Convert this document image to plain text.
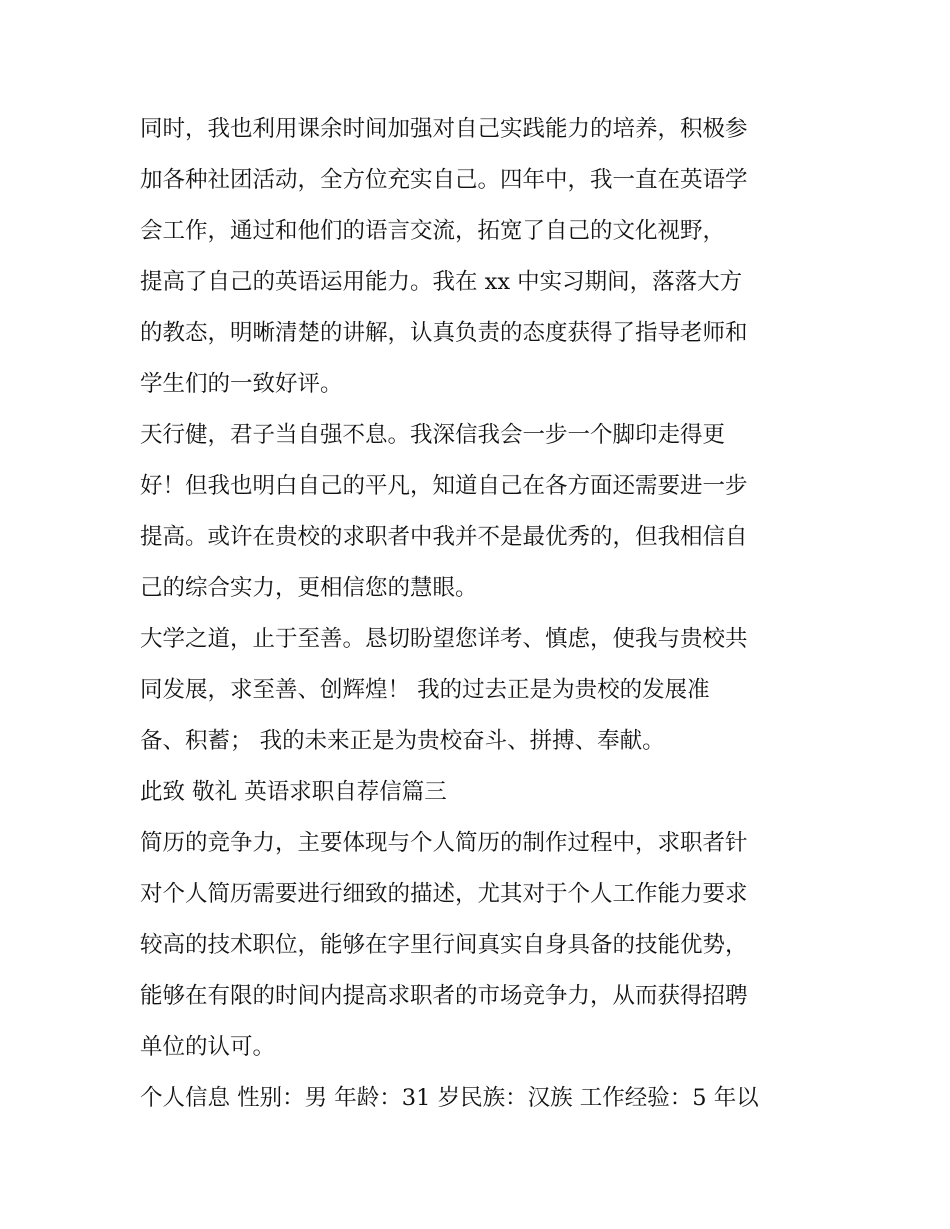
同时，我也利用课余时间加强对自己实践能力的培养，积极参
加各种社团活动，全方位充实自己。四年中，我一直在英语学
会工作，通过和他们的语言交流，拓宽了自己的文化视野，
提高了自己的英语运用能力。我在 xx 中实习期间，落落大方
的教态，明晰清楚的讲解，认真负责的态度获得了指导老师和
学生们的一致好评。
天行健，君子当自强不息。我深信我会一步一个脚印走得更
好！但我也明白自己的平凡，知道自己在各方面还需要进一步
提高。或许在贵校的求职者中我并不是最优秀的，但我相信自
己的综合实力，更相信您的慧眼。
大学之道，止于至善。恳切盼望您详考、慎虑，使我与贵校共
同发展，求至善、创辉煌！ 我的过去正是为贵校的发展准
备、积蓄； 我的未来正是为贵校奋斗、拼搏、奉献。
此致 敬礼 英语求职自荐信篇三
简历的竞争力，主要体现与个人简历的制作过程中，求职者针
对个人简历需要进行细致的描述，尤其对于个人工作能力要求
较高的技术职位，能够在字里行间真实自身具备的技能优势，
能够在有限的时间内提高求职者的市场竞争力，从而获得招聘
单位的认可。
个人信息 性别：男 年龄：31 岁民族：汉族 工作经验：5 年以
